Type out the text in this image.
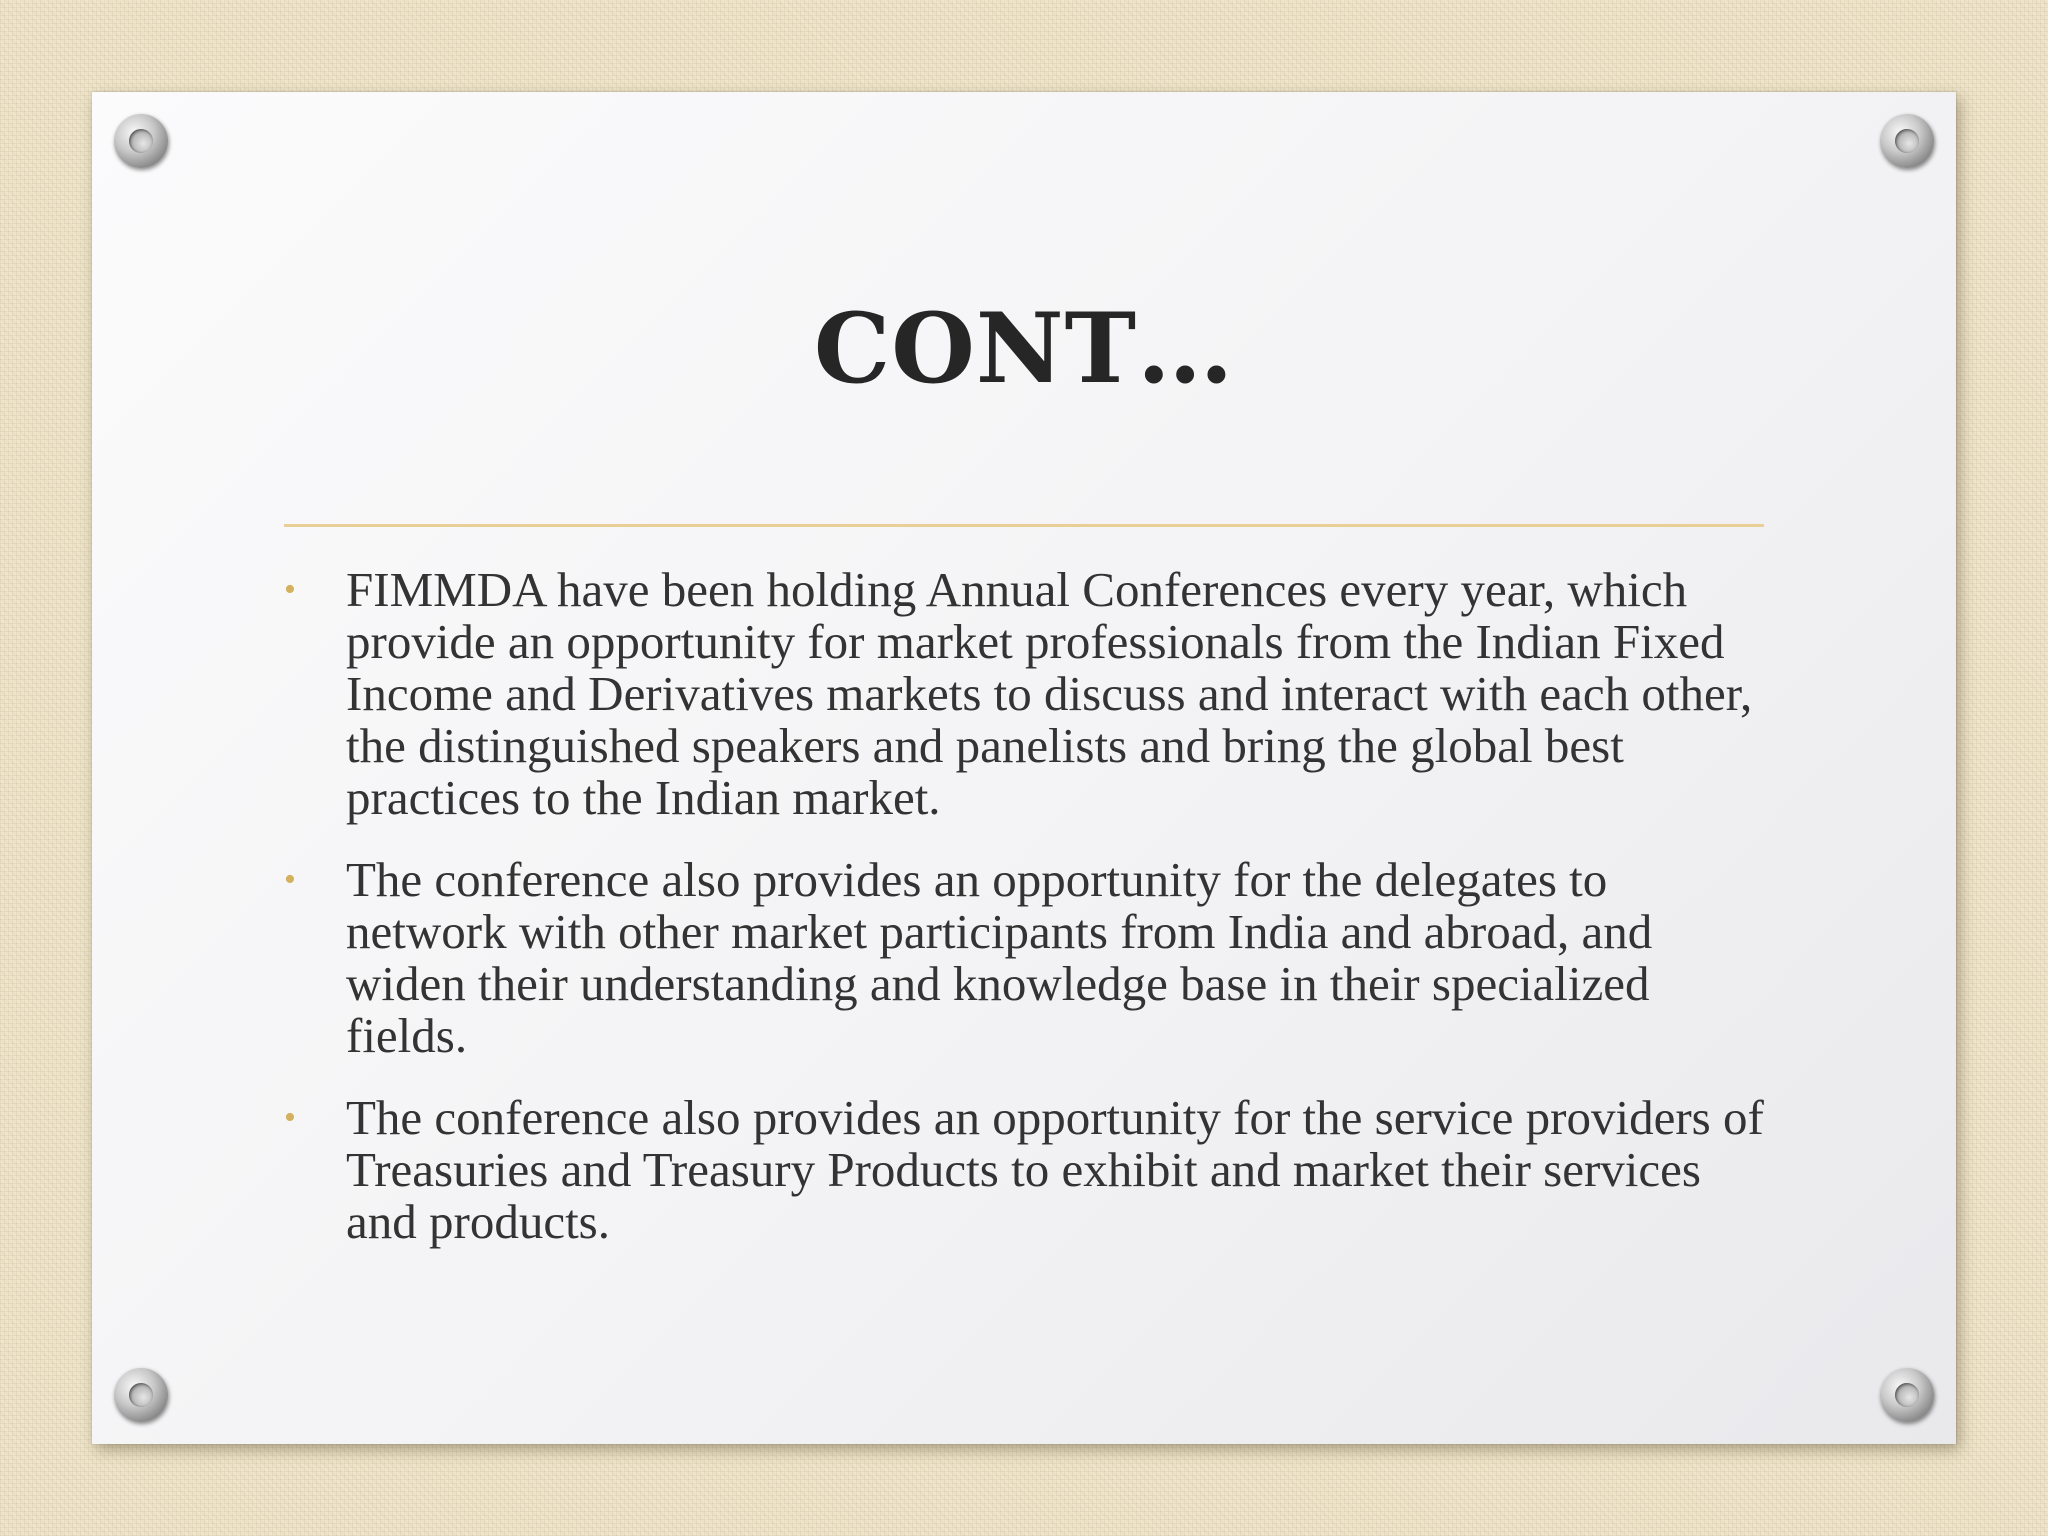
CONT…
• FIMMDA have been holding Annual Conferences every year, which provide an opportunity for market professionals from the Indian Fixed Income and Derivatives markets to discuss and interact with each other, the distinguished speakers and panelists and bring the global best practices to the Indian market.
• The conference also provides an opportunity for the delegates to network with other market participants from India and abroad, and widen their understanding and knowledge base in their specialized fields.
• The conference also provides an opportunity for the service providers of Treasuries and Treasury Products to exhibit and market their services and products.
